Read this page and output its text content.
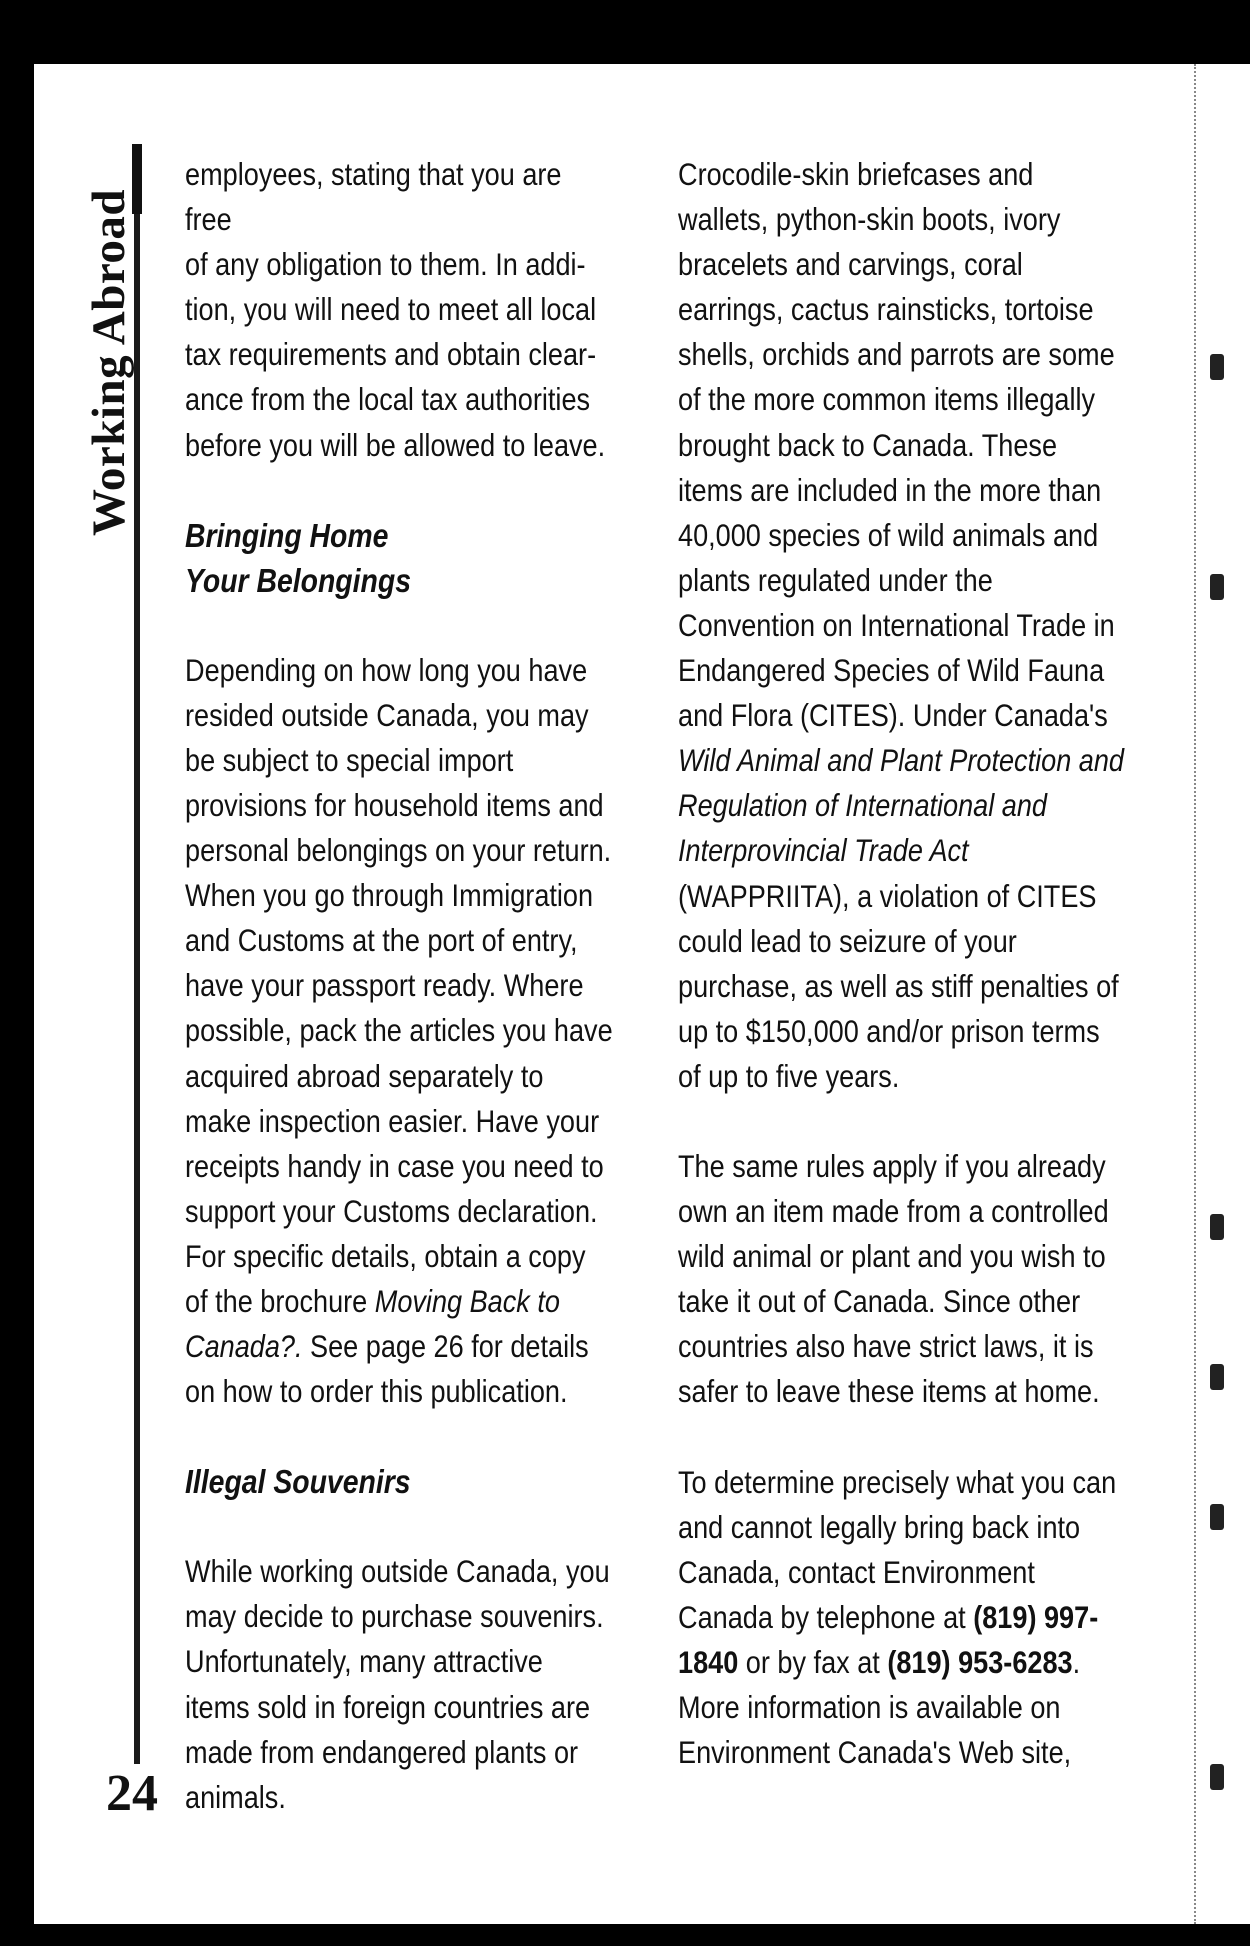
Working Abroad

employees, stating that you are free
of any obligation to them. In addi-
tion, you will need to meet all local
tax requirements and obtain clear-
ance from the local tax authorities
before you will be allowed to leave.

Bringing Home
Your Belongings

Depending on how long you have resided outside Canada, you may be subject to special import provisions for household items and personal belongings on your return. When you go through Immigration and Customs at the port of entry, have your passport ready. Where possible, pack the articles you have acquired abroad separately to make inspection easier. Have your receipts handy in case you need to support your Customs declaration. For specific details, obtain a copy of the brochure Moving Back to Canada?. See page 26 for details on how to order this publication.

Illegal Souvenirs

While working outside Canada, you may decide to purchase souvenirs. Unfortunately, many attractive items sold in foreign countries are made from endangered plants or animals.

Crocodile-skin briefcases and wallets, python-skin boots, ivory bracelets and carvings, coral earrings, cactus rainsticks, tortoise shells, orchids and parrots are some of the more common items illegally brought back to Canada. These items are included in the more than 40,000 species of wild animals and plants regulated under the Convention on International Trade in Endangered Species of Wild Fauna and Flora (CITES). Under Canada's Wild Animal and Plant Protection and Regulation of International and Interprovincial Trade Act (WAPPRIITA), a violation of CITES could lead to seizure of your purchase, as well as stiff penalties of up to $150,000 and/or prison terms of up to five years.

The same rules apply if you already own an item made from a controlled wild animal or plant and you wish to take it out of Canada. Since other countries also have strict laws, it is safer to leave these items at home.

To determine precisely what you can and cannot legally bring back into Canada, contact Environment Canada by telephone at (819) 997-1840 or by fax at (819) 953-6283. More information is available on Environment Canada's Web site,

24
